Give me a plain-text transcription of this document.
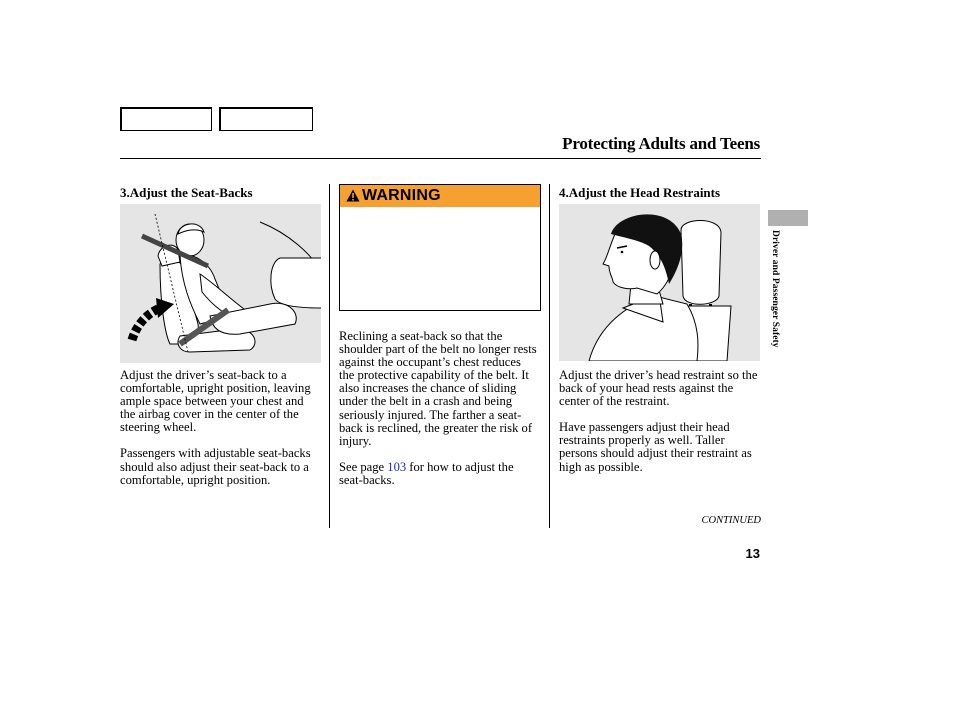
Protecting Adults and Teens
3.Adjust the Seat-Backs

Adjust the driver’s seat-back to a comfortable, upright position, leaving ample space between your chest and the airbag cover in the center of the steering wheel.

Passengers with adjustable seat-backs should also adjust their seat-back to a comfortable, upright position.

WARNING

Reclining a seat-back so that the shoulder part of the belt no longer rests against the occupant’s chest reduces the protective capability of the belt. It also increases the chance of sliding under the belt in a crash and being seriously injured. The farther a seat-back is reclined, the greater the risk of injury.

See page 103 for how to adjust the seat-backs.

4.Adjust the Head Restraints

Adjust the driver’s head restraint so the back of your head rests against the center of the restraint.

Have passengers adjust their head restraints properly as well. Taller persons should adjust their restraint as high as possible.

Driver and Passenger Safety
CONTINUED
13
